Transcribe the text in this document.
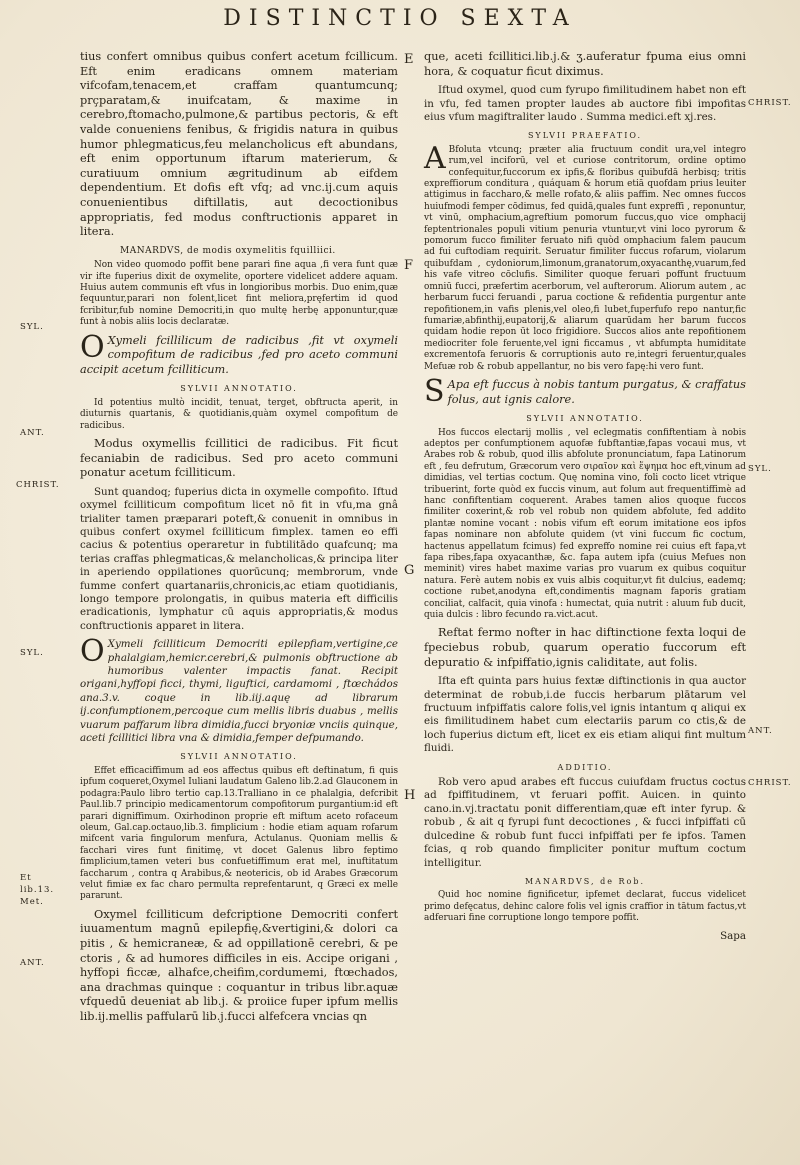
DISTINCTIO SEXTA

tius confert omnibus quibus confert acetum fcillicum. Eft enim eradicans omnem materiam vifcofam,tenacem,et craffam quantumcunq; prçparatam,& inuifcatam, & maxime in cerebro,ftomacho,pulmone,& partibus pectoris, & eft valde conueniens fenibus, & frigidis natura in quibus humor phlegmaticus,feu melancholicus eft abundans, eft enim opportunum iftarum materierum, & curatiuum omnium ægritudinum ab eifdem dependentium. Et dofis eft vfq; ad vnc.ij.cum aquis conuenientibus diftillatis, aut decoctionibus appropriatis, fed modus conftructionis apparet in litera.

MANARDVS, de modis oxymelitis fquilliici.

Non video quomodo poffit bene parari fine aqua ,fi vera funt quæ vir ifte fuperius dixit de oxymelite, oportere videlicet addere aquam. Huius autem communis eft vfus in longioribus morbis. Duo enim,quæ fequuntur,parari non folent,licet fint meliora,pręfertim id quod fcribitur,fub nomine Democriti,in quo multę herbę apponuntur,quæ funt à nobis aliis locis declaratæ.

O Xymeli fcillilicum de radicibus ,fit vt oxymeli compofitum de radicibus ,fed pro aceto communi accipit acetum fcilliticum.

SYLVII ANNOTATIO.

Id potentius multò incidit, tenuat, terget, obftructa aperit, in diuturnis quartanis, & quotidianis,quàm oxymel compofitum de radicibus.

Modus oxymellis fcillitici de radicibus. Fit ficut fecaniabin de radicibus. Sed pro aceto communi ponatur acetum fcilliticum.

Sunt quandoq; fuperius dicta in oxymelle compofito. Iftud oxymel fcilliticum compofitum licet nō fit in vfu,ma gnâ trialiter tamen præparari poteft,& conuenit in omnibus in quibus confert oxymel fcilliticum fimplex. tamen eo effi cacius & potentius operaretur in fubtilitādo quafcunq; ma terias craffas phlegmaticas,& melancholicas,& principa liter in aperiendo oppilationes quorūcunq; membrorum, vnde fumme confert quartanariis,chronicis,ac etiam quotidianis, longo tempore prolongatis, in quibus materia eft difficilis eradicationis, lymphatur cū aquis appropriatis,& modus conftructionis apparet in litera.

O Xymeli fcilliticum Democriti epilepfiam,vertigine,ce phalalgiam,hemicr.cerebri,& pulmonis obftructione ab humoribus valenter impactis fanat. Recipit origani,hyffopi ficci, thymi, liguftici, cardamomi , ftœchádos ana.3.v. coque in lib.iij.aquę ad librarum ij.confumptionem,percoque cum mellis libris duabus , mellis vuarum paffarum libra dimidia,fucci bryoniæ vnciis quinque, aceti fcillitici libra vna & dimidia,femper defpumando.

SYLVII ANNOTATIO.

Effet efficaciffimum ad eos affectus quibus eft deftinatum, fi quis ipfum coqueret,Oxymel Iuliani laudatum Galeno lib.2.ad Glauconem in podagra:Paulo libro tertio cap.13.Tralliano in ce phalalgia, defcribit Paul.lib.7 principio medicamentorum compofitorum purgantium:id eft parari digniffimum. Oxirhodinon proprie eft miftum aceto rofaceum oleum, Gal.cap.octauo,lib.3. fimplicium : hodie etiam aquam rofarum mifcent varia fingulorum menfura, Actulanus. Quoniam mellis & facchari vires funt finitimę, vt docet Galenus libro feptimo fimplicium,tamen veteri bus confuetiffimum erat mel, inuftitatum faccharum , contra q Arabibus,& neotericis, ob id Arabes Græcorum velut fimiæ ex fac charo permulta reprefentarunt, q Græci ex melle pararunt.

Oxymel fcilliticum defcriptione Democriti confert iuuamentum magnū epilepfię,&vertigini,& dolori ca pitis , & hemicraneæ, & ad oppillationē cerebri, & pe ctoris , & ad humores difficiles in eis. Accipe origani , hyffopi ficcæ, alhafce,cheifim,cordumemi, ftœchados, ana drachmas quinque : coquantur in tribus libr.aquæ vfquedū deueniat ab lib.j. & proiice fuper ipfum mellis lib.ij.mellis paffularū lib.j.fucci alfefcera vncias qn

que, aceti fcillitici.lib.j.& ʒ.auferatur fpuma eius omni hora, & coquatur ficut diximus.

Iftud oxymel, quod cum fyrupo fimilitudinem habet non eft in vfu, fed tamen propter laudes ab auctore fibi impofitas eius vfum magiftraliter laudo . Summa medici.eft xj.res.

SYLVII PRAEFATIO.

A Bfoluta vtcunq; præter alia fructuum condit ura,vel integro rum,vel inciforū, vel et curiose contritorum, ordine optimo confequitur,fuccorum ex ipfis,& floribus quibufdā herbisq; tritis expreffiorum conditura , quáquam & horum etiā quofdam prius leuiter attigimus in faccharo,& melle rofato,& aliis paffim. Nec omnes fuccos huiufmodi femper cōdimus, fed quidā,quales funt expreffi , reponuntur, vt vinū, omphacium,agreftium pomorum fuccus,quo vice omphacij feptentrionales populi vitium penuria vtuntur,vt vini loco pyrorum & pomorum fucco fimiliter feruato nifi quòd omphacium falem paucum ad fui cuftodiam requirit. Seruatur fimiliter fuccus rofarum, violarum quibufdam , cydoniorum,limonum,granatorum,oxyacanthę,vuarum,fed his vafe vitreo cōclufis. Similiter quoque feruari poffunt fructuum omniū fucci, præfertim acerborum, vel aufterorum. Aliorum autem , ac herbarum fucci feruandi , parua coctione & refidentia purgentur ante repofitionem,in vafis plenis,vel oleo,fi lubet,fuperfufo repo nantur,fic fumariæ,abfinthij,eupatorij,& aliarum quarūdam her barum fuccos quidam hodie repon ūt loco frigidiore. Succos alios ante repofitionem mediocriter fole feruente,vel igni ficcamus , vt abfumpta humiditate excrementofa feruoris & corruptionis auto re,integri feruentur,quales Mefuæ rob & robub appellantur, no bis vero fapę:hi vero funt.

S Apa eft fuccus à nobis tantum purgatus, & craffatus folus, aut ignis calore.

SYLVII ANNOTATIO.

Hos fuccos electarij mollis , vel eclegmatis confiftentiam à nobis adeptos per confumptionem aquofæ fubftantiæ,fapas vocaui mus, vt Arabes rob & robub, quod illis abfolute pronunciatum, fapa Latinorum eft , feu defrutum, Græcorum vero σιραῖον καὶ ἕψημα hoc eft,vinum ad dimidias, vel tertias coctum. Quę nomina vino, foli cocto licet vtrique tribuerint, forte quòd ex fuccis vinum, aut folum aut frequentiffimè ad hanc confiftentiam coquerent. Arabes tamen alios quoque fuccos fimiliter coxerint,& rob vel robub non quidem abfolute, fed addito plantæ nomine vocant : nobis vifum eft eorum imitatione eos ipfos fapas nominare non abfolute quidem (vt vini fuccum fic coctum, hactenus appellatum fcimus) fed expreffo nomine rei cuius eft fapa,vt fapa ribes,fapa oxyacanthæ, &c. fapa autem ipfa (cuius Mefues non meminit) vires habet maxime varias pro vuarum ex quibus coquitur natura. Ferè autem nobis ex vuis albis coquitur,vt fit dulcius, eademq; coctione rubet,anodyna eft,condimentis magnam faporis gratiam conciliat, calfacit, quia vinofa : humectat, quia nutrit : aluum fub ducit, quia dulcis : libro fecundo ra.vict.acut.

Reftat fermo nofter in hac diftinctione fexta loqui de fpeciebus robub, quarum operatio fuccorum eft depuratio & infpiffatio,ignis caliditate, aut folis.

Ifta eft quinta pars huius fextæ diftinctionis in qua auctor determinat de robub,i.de fuccis herbarum plātarum vel fructuum infpiffatis calore folis,vel ignis intantum q aliqui ex eis fimilitudinem habet cum electariis parum co ctis,& de loch fuperius dictum eft, licet ex eis etiam aliqui fint multum fluidi.

ADDITIO.

Rob vero apud arabes eft fuccus cuiufdam fructus coctus ad fpiffitudinem, vt feruari poffit. Auicen. in quinto cano.in.vj.tractatu ponit differentiam,quæ eft inter fyrup. & robub , & ait q fyrupi funt decoctiones , & fucci infpiffati cū dulcedine & robub funt fucci infpiffati per fe ipfos. Tamen fcias, q rob quando fimpliciter ponitur muftum coctum intelligitur.

MANARDVS, de Rob.

Quid hoc nomine fignificetur, ipfemet declarat, fuccus videlicet primo defęcatus, dehinc calore folis vel ignis craffior in tātum factus,vt adferuari fine corruptione longo tempore poffit.

Sapa
E
F
G
H
SYL.
ANT.
CHRIST.
SYL.
Et lib.13. Met.
ANT.
CHRIST.
SYL.
ANT.
CHRIST.
